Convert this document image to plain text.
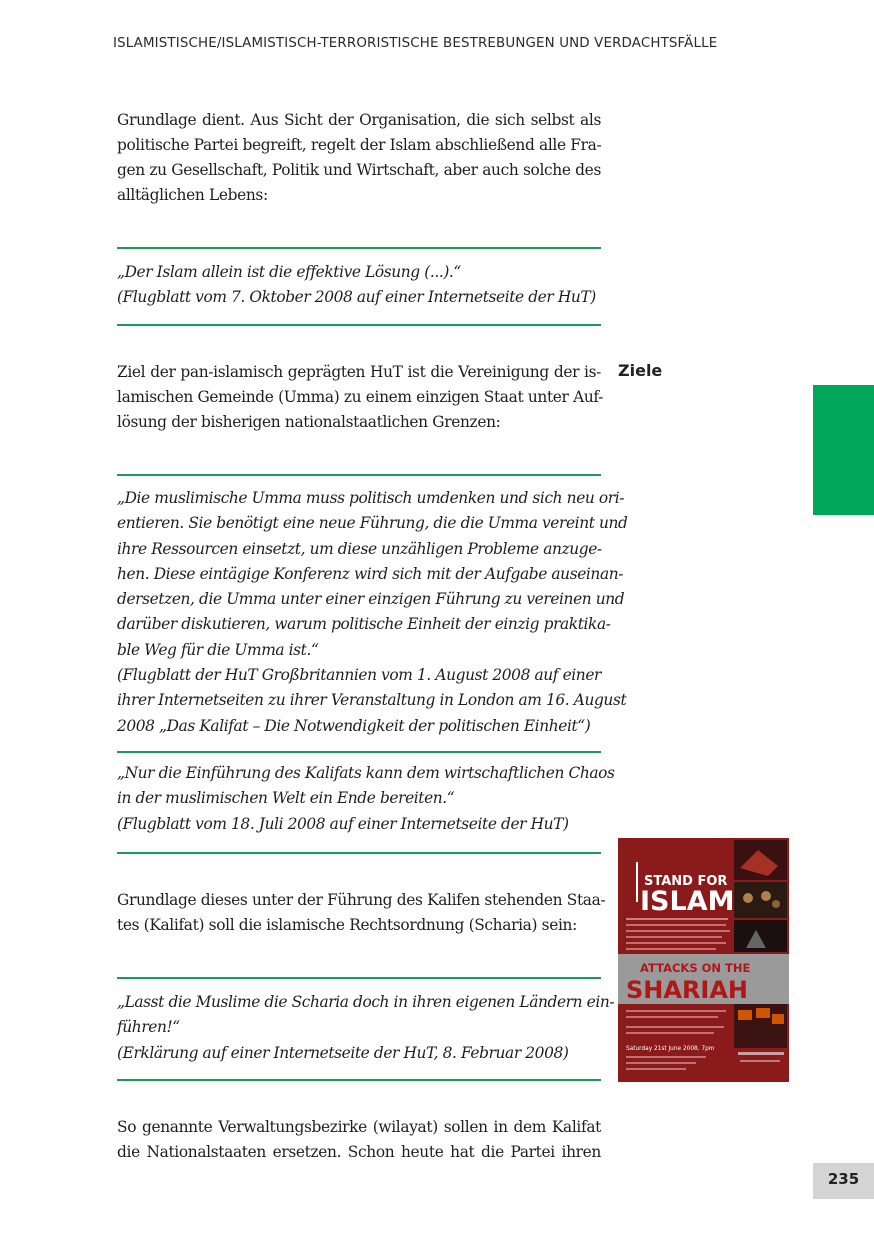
ISLAMISTISCHE/ISLAMISTISCH-TERRORISTISCHE BESTREBUNGEN UND VERDACHTSFÄLLE

Grundlage dient. Aus Sicht der Organisation, die sich selbst als
politische Partei begreift, regelt der Islam abschließend alle Fra-
gen zu Gesellschaft, Politik und Wirtschaft, aber auch solche des
alltäglichen Lebens:

„Der Islam allein ist die effektive Lösung (...).“
(Flugblatt vom 7. Oktober 2008 auf einer Internetseite der HuT)

Ziele

Ziel der pan-islamisch geprägten HuT ist die Vereinigung der is-
lamischen Gemeinde (Umma) zu einem einzigen Staat unter Auf-
lösung der bisherigen nationalstaatlichen Grenzen:

„Die muslimische Umma muss politisch umdenken und sich neu ori-
entieren. Sie benötigt eine neue Führung, die die Umma vereint und
ihre Ressourcen einsetzt, um diese unzähligen Probleme anzuge-
hen. Diese eintägige Konferenz wird sich mit der Aufgabe auseinan-
dersetzen, die Umma unter einer einzigen Führung zu vereinen und
darüber diskutieren, warum politische Einheit der einzig praktika-
ble Weg für die Umma ist.“
(Flugblatt der HuT Großbritannien vom 1. August 2008 auf einer
ihrer Internetseiten zu ihrer Veranstaltung in London am 16. August
2008 „Das Kalifat – Die Notwendigkeit der politischen Einheit“)

„Nur die Einführung des Kalifats kann dem wirtschaftlichen Chaos
in der muslimischen Welt ein Ende bereiten.“
(Flugblatt vom 18. Juli 2008 auf einer Internetseite der HuT)

Grundlage dieses unter der Führung des Kalifen stehenden Staa-
tes (Kalifat) soll die islamische Rechtsordnung (Scharia) sein:

„Lasst die Muslime die Scharia doch in ihren eigenen Ländern ein-
führen!“
(Erklärung auf einer Internetseite der HuT, 8. Februar 2008)

So genannte Verwaltungsbezirke (wilayat) sollen in dem Kalifat
die Nationalstaaten ersetzen. Schon heute hat die Partei ihren

STAND FOR
ISLAM
ATTACKS ON THE
SHARIAH
Saturday 21st June 2008, 7pm
235
